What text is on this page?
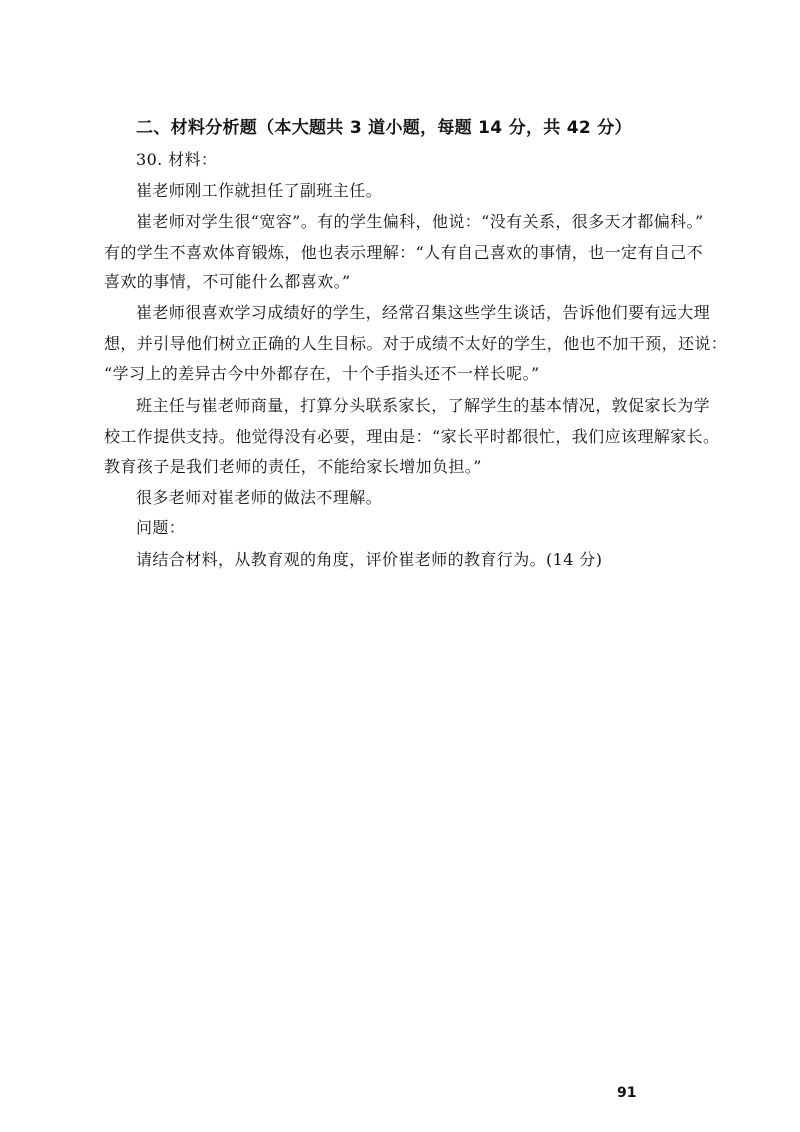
二、材料分析题（本大题共 3 道小题，每题 14 分，共 42 分）
30. 材料：
崔老师刚工作就担任了副班主任。
崔老师对学生很“宽容”。有的学生偏科，他说：“没有关系，很多天才都偏科。”
有的学生不喜欢体育锻炼，他也表示理解：“人有自己喜欢的事情，也一定有自己不
喜欢的事情，不可能什么都喜欢。”
崔老师很喜欢学习成绩好的学生，经常召集这些学生谈话，告诉他们要有远大理
想，并引导他们树立正确的人生目标。对于成绩不太好的学生，他也不加干预，还说：
“学习上的差异古今中外都存在，十个手指头还不一样长呢。”
班主任与崔老师商量，打算分头联系家长，了解学生的基本情况，敦促家长为学
校工作提供支持。他觉得没有必要，理由是：“家长平时都很忙，我们应该理解家长。
教育孩子是我们老师的责任，不能给家长增加负担。”
很多老师对崔老师的做法不理解。
问题：
请结合材料，从教育观的角度，评价崔老师的教育行为。(14 分)
91
